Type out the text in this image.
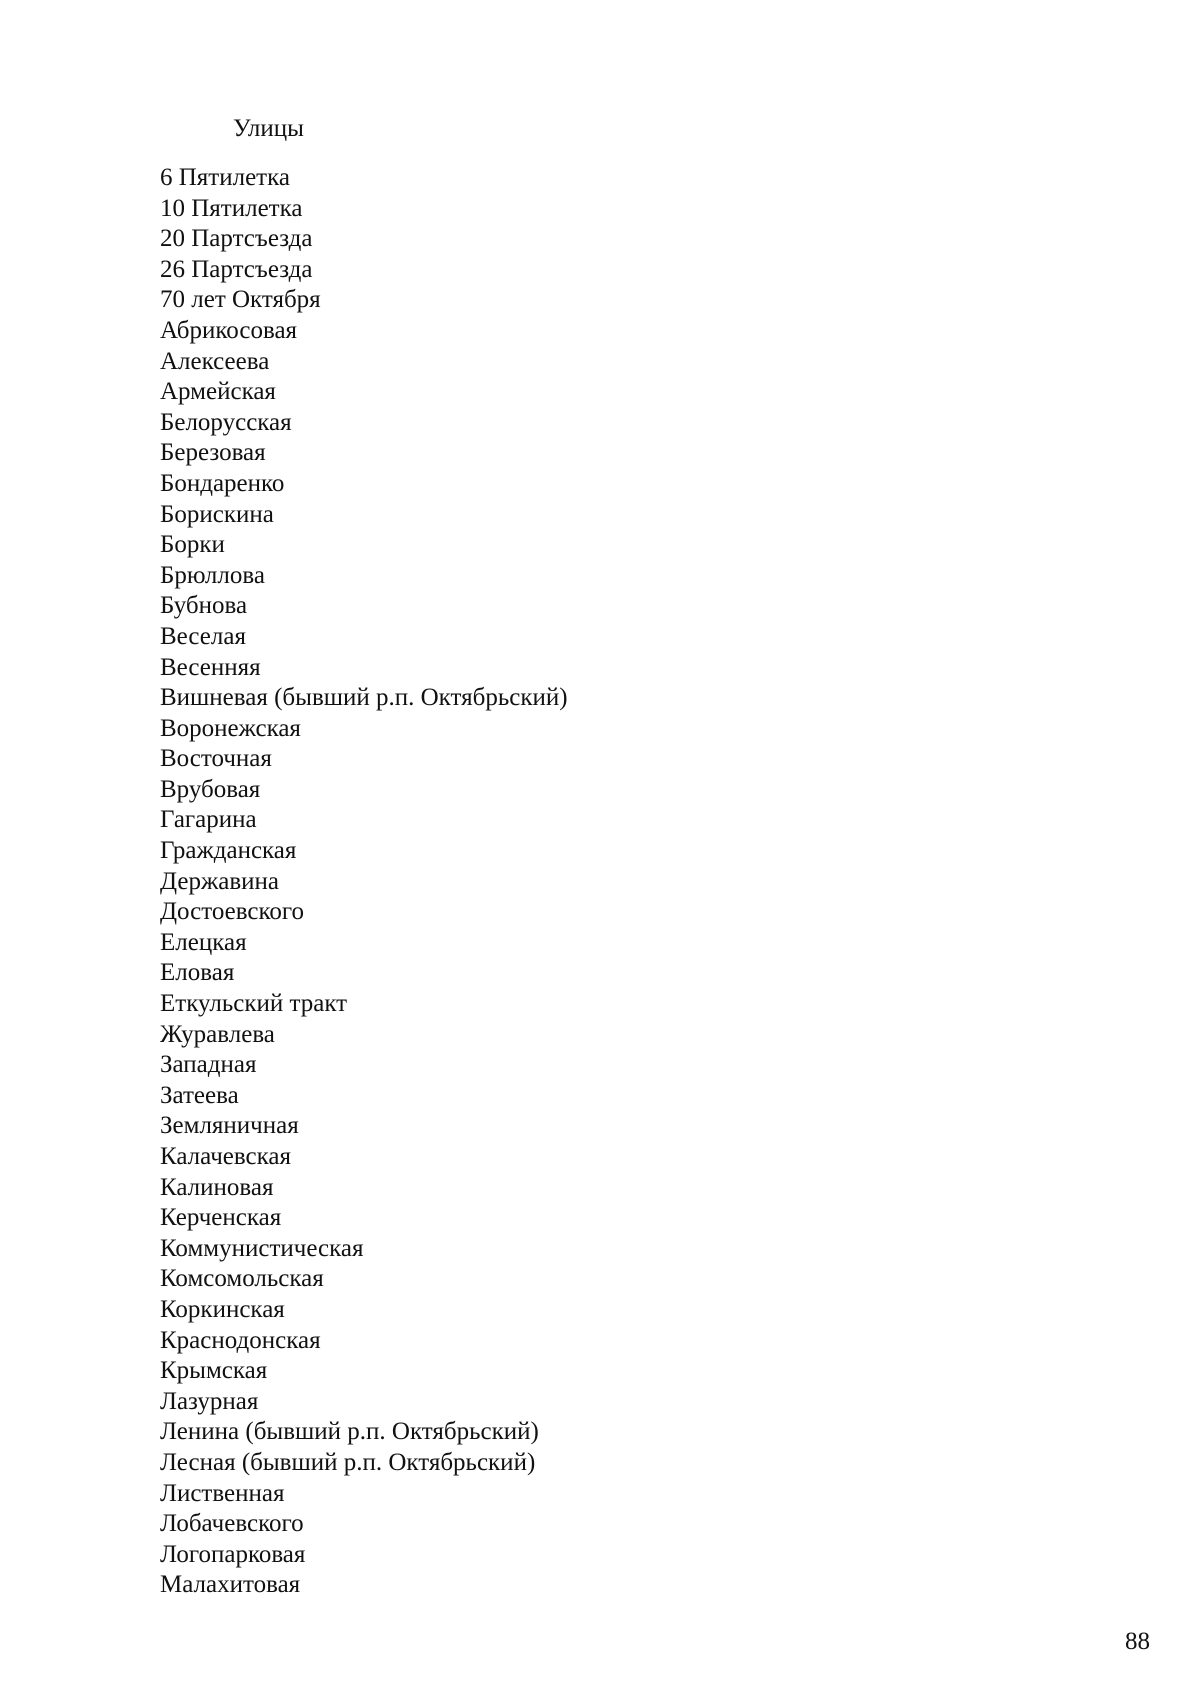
Улицы
6 Пятилетка
10 Пятилетка
20 Партсъезда
26 Партсъезда
70 лет Октября
Абрикосовая
Алексеева
Армейская
Белорусская
Березовая
Бондаренко
Борискина
Борки
Брюллова
Бубнова
Веселая
Весенняя
Вишневая (бывший р.п. Октябрьский)
Воронежская
Восточная
Врубовая
Гагарина
Гражданская
Державина
Достоевского
Елецкая
Еловая
Еткульский тракт
Журавлева
Западная
Затеева
Земляничная
Калачевская
Калиновая
Керченская
Коммунистическая
Комсомольская
Коркинская
Краснодонская
Крымская
Лазурная
Ленина (бывший р.п. Октябрьский)
Лесная (бывший р.п. Октябрьский)
Лиственная
Лобачевского
Логопарковая
Малахитовая
88
